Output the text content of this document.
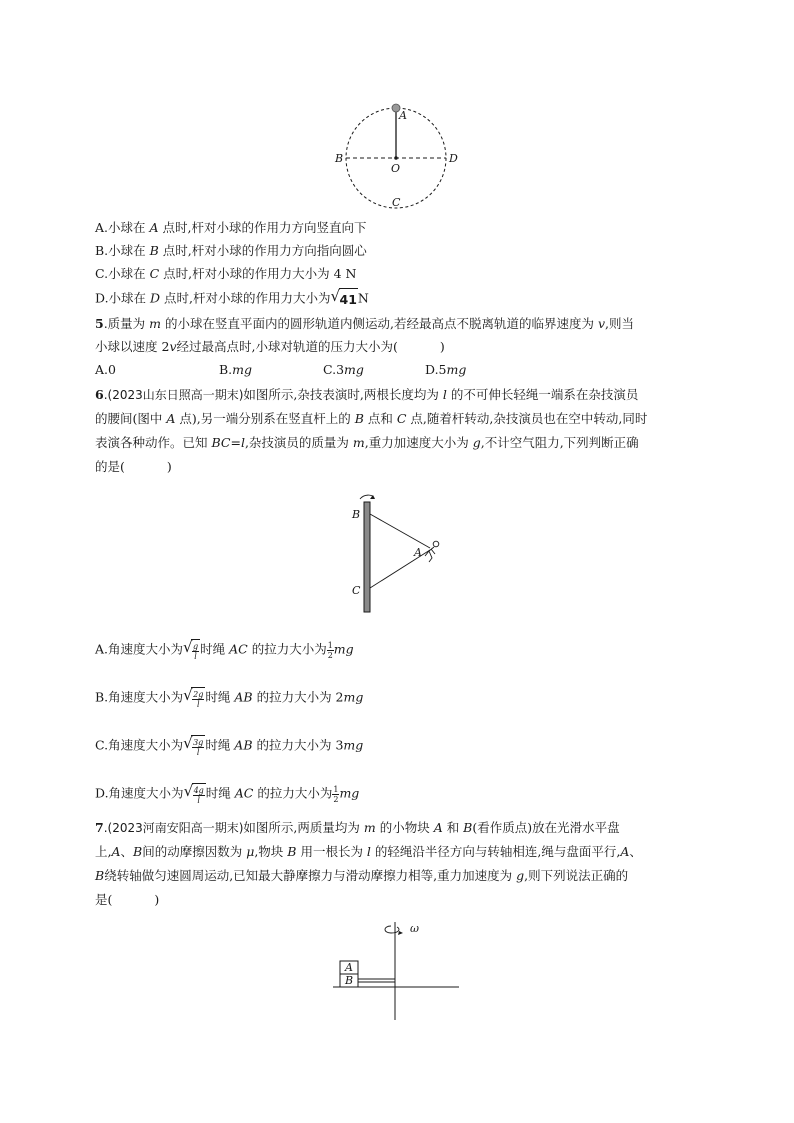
A
B	D
O
C
A.小球在 A 点时,杆对小球的作用力方向竖直向下
B.小球在 B 点时,杆对小球的作用力方向指向圆心
C.小球在 C 点时,杆对小球的作用力大小为 4 N
D.小球在 D 点时,杆对小球的作用力大小为 √ 41N
5.质量为 m 的小球在竖直平面内的圆形轨道内侧运动,若经最高点不脱离轨道的临界速度为 v,则当
小球以速度 2v经过最高点时,小球对轨道的压力大小为(	)
A.0	B.mg	C.3mg	D.5mg
6.(2023山东日照高一期末)如图所示,杂技表演时,两根长度均为 l 的不可伸长轻绳一端系在杂技演员
的腰间(图中 A 点),另一端分别系在竖直杆上的 B 点和 C 点,随着杆转动,杂技演员也在空中转动,同时
表演各种动作。已知 BC=l,杂技演员的质量为 m,重力加速度大小为 g,不计空气阻力,下列判断正确
的是(	)
B
C
A
A.角速度大小为 √ $\frac{g}{l}$ 时绳 AC 的拉力大小为 $\frac{1}{2}$ mg
B.角速度大小为 √ $\frac{2g}{l}$ 时绳 AB 的拉力大小为 2mg
C.角速度大小为 √ $\frac{3g}{l}$ 时绳 AB 的拉力大小为 3mg
D.角速度大小为 √ $\frac{4g}{l}$ 时绳 AC 的拉力大小为 $\frac{1}{2}$ mg
7.(2023河南安阳高一期末)如图所示,两质量均为 m 的小物块 A 和 B(看作质点)放在光滑水平盘
上,A、B间的动摩擦因数为 μ,物块 B 用一根长为 l 的轻绳沿半径方向与转轴相连,绳与盘面平行,A、
B绕转轴做匀速圆周运动,已知最大静摩擦力与滑动摩擦力相等,重力加速度为 g,则下列说法正确的
是(	)
ω
A
B
